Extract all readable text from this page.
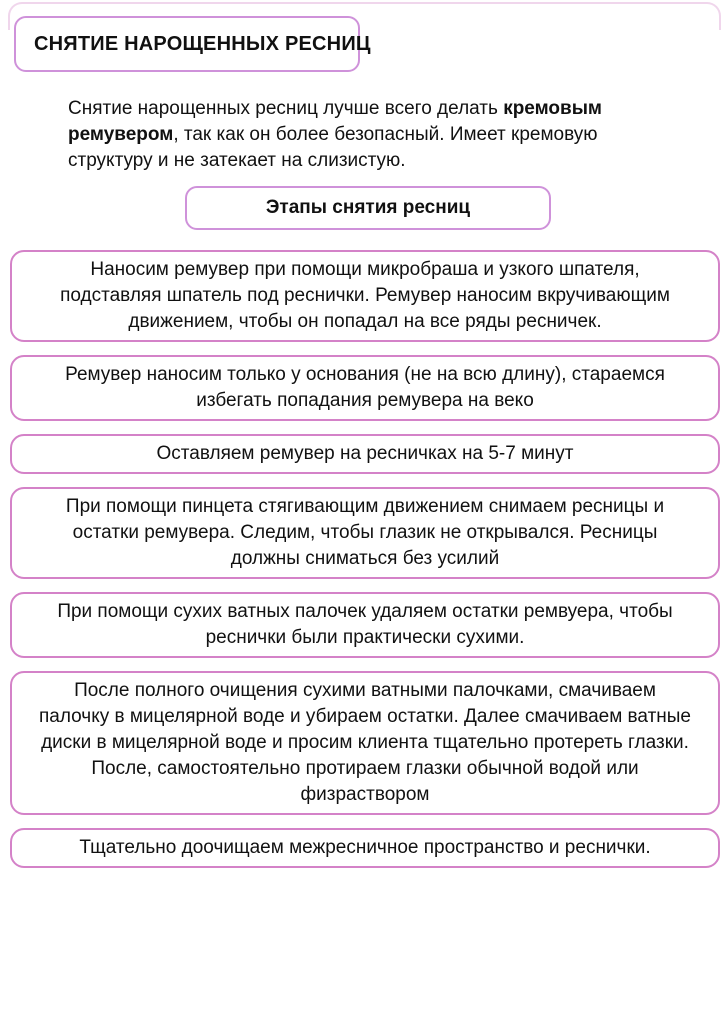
СНЯТИЕ НАРОЩЕННЫХ РЕСНИЦ

Снятие нарощенных ресниц лучше всего делать кремовым ремувером, так как он более безопасный. Имеет кремовую структуру и не затекает на слизистую.

Этапы снятия ресниц
Наносим ремувер при помощи микробраша и узкого шпателя, подставляя шпатель под реснички. Ремувер наносим вкручивающим движением, чтобы он попадал на все ряды ресничек.
Ремувер наносим только у основания (не на всю длину), стараемся избегать попадания ремувера на веко
Оставляем ремувер на ресничках на 5-7 минут
При помощи пинцета стягивающим движением снимаем ресницы и остатки ремувера. Следим, чтобы глазик не открывался. Ресницы должны сниматься без усилий
При помощи сухих ватных палочек удаляем остатки ремвуера, чтобы реснички были практически сухими.
После полного очищения сухими ватными палочками, смачиваем палочку в мицелярной воде и убираем остатки. Далее смачиваем ватные диски в мицелярной воде и просим клиента тщательно протереть глазки. После, самостоятельно протираем глазки обычной водой или физраствором
Тщательно доочищаем межресничное пространство и реснички.
